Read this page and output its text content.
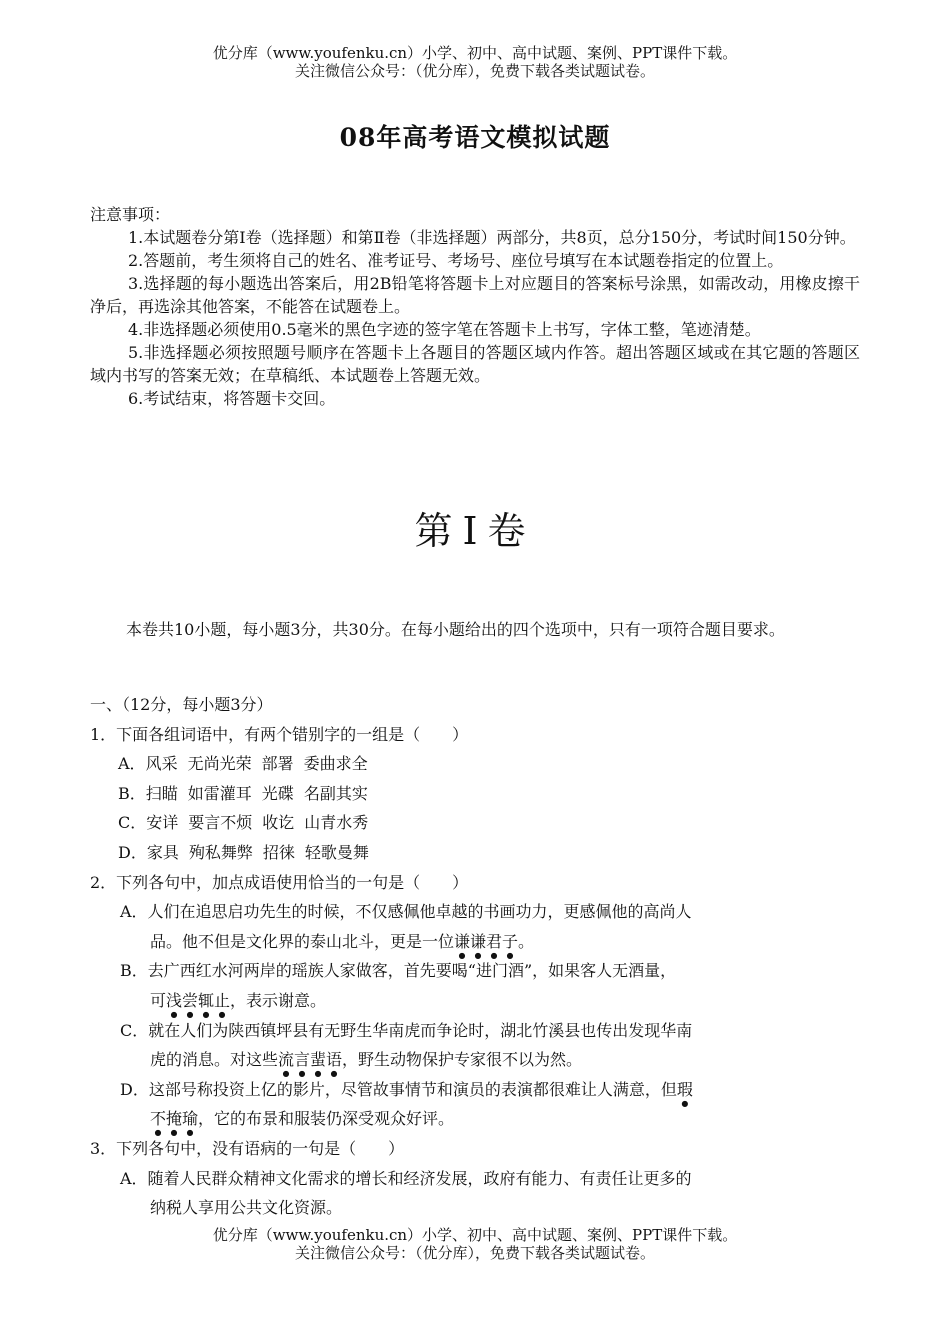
优分库（www.youfenku.cn）小学、初中、高中试题、案例、PPT课件下载。
关注微信公众号：（优分库），免费下载各类试题试卷。
08年高考语文模拟试题

注意事项：

1.本试题卷分第Ⅰ卷（选择题）和第Ⅱ卷（非选择题）两部分，共8页，总分150分，考试时间150分钟。

2.答题前，考生须将自己的姓名、准考证号、考场号、座位号填写在本试题卷指定的位置上。

3.选择题的每小题选出答案后，用2B铅笔将答题卡上对应题目的答案标号涂黑，如需改动，用橡皮擦干净后，再选涂其他答案，不能答在试题卷上。

4.非选择题必须使用0.5毫米的黑色字迹的签字笔在答题卡上书写，字体工整，笔迹清楚。

5.非选择题必须按照题号顺序在答题卡上各题目的答题区域内作答。超出答题区域或在其它题的答题区域内书写的答案无效；在草稿纸、本试题卷上答题无效。

6.考试结束，将答题卡交回。

第Ⅰ卷

本卷共10小题，每小题3分，共30分。在每小题给出的四个选项中，只有一项符合题目要求。

一、（12分，每小题3分）
1．下面各组词语中，有两个错别字的一组是（　　）
A．风采 无尚光荣 部署 委曲求全
B．扫瞄 如雷灌耳 光碟 名副其实
C．安详 要言不烦 收讫 山青水秀
D．家具 殉私舞弊 招徕 轻歌曼舞
2．下列各句中，加点成语使用恰当的一句是（　　）
A．人们在追思启功先生的时候，不仅感佩他卓越的书画功力，更感佩他的高尚人
品。他不但是文化界的泰山北斗，更是一位谦谦君子。
B．去广西红水河两岸的瑶族人家做客，首先要喝“进门酒”，如果客人无酒量，
可浅尝辄止，表示谢意。
C．就在人们为陕西镇坪县有无野生华南虎而争论时，湖北竹溪县也传出发现华南
虎的消息。对这些流言蜚语，野生动物保护专家很不以为然。
D．这部号称投资上亿的影片，尽管故事情节和演员的表演都很难让人满意，但瑕
不掩瑜，它的布景和服装仍深受观众好评。
3．下列各句中，没有语病的一句是（　　）
A．随着人民群众精神文化需求的增长和经济发展，政府有能力、有责任让更多的
纳税人享用公共文化资源。
优分库（www.youfenku.cn）小学、初中、高中试题、案例、PPT课件下载。
关注微信公众号：（优分库），免费下载各类试题试卷。
